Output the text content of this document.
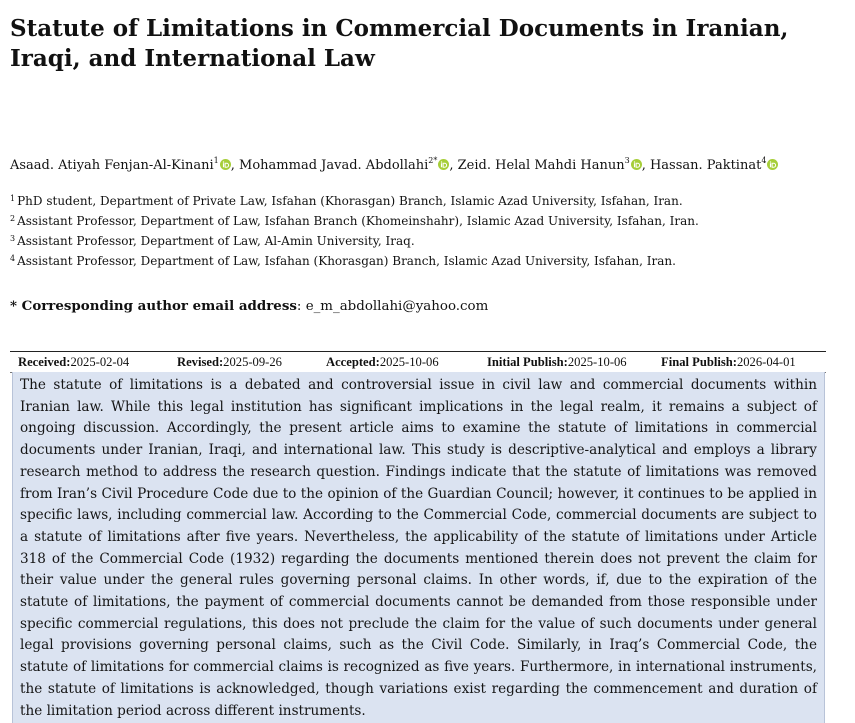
Statute of Limitations in Commercial Documents in Iranian, Iraqi, and International Law
Asaad. Atiyah Fenjan-Al-Kinani$^1$ , Mohammad Javad. Abdollahi$^{2*}$ , Zeid. Helal Mahdi Hanun$^3$ , Hassan. Paktinat$^4$
$^1$ PhD student, Department of Private Law, Isfahan (Khorasgan) Branch, Islamic Azad University, Isfahan, Iran.
$^2$ Assistant Professor, Department of Law, Isfahan Branch (Khomeinshahr), Islamic Azad University, Isfahan, Iran.
$^3$ Assistant Professor, Department of Law, Al-Amin University, Iraq.
$^4$ Assistant Professor, Department of Law, Isfahan (Khorasgan) Branch, Islamic Azad University, Isfahan, Iran.
* Corresponding author email address: e_m_abdollahi@yahoo.com
Received: 2025-02-04	Revised: 2025-09-26	Accepted: 2025-10-06	Initial Publish: 2025-10-06	Final Publish: 2026-04-01
The statute of limitations is a debated and controversial issue in civil law and commercial documents within Iranian law. While this legal institution has significant implications in the legal realm, it remains a subject of ongoing discussion. Accordingly, the present article aims to examine the statute of limitations in commercial documents under Iranian, Iraqi, and international law. This study is descriptive-analytical and employs a library research method to address the research question. Findings indicate that the statute of limitations was removed from Iran’s Civil Procedure Code due to the opinion of the Guardian Council; however, it continues to be applied in specific laws, including commercial law. According to the Commercial Code, commercial documents are subject to a statute of limitations after five years. Nevertheless, the applicability of the statute of limitations under Article 318 of the Commercial Code (1932) regarding the documents mentioned therein does not prevent the claim for their value under the general rules governing personal claims. In other words, if, due to the expiration of the statute of limitations, the payment of commercial documents cannot be demanded from those responsible under specific commercial regulations, this does not preclude the claim for the value of such documents under general legal provisions governing personal claims, such as the Civil Code. Similarly, in Iraq’s Commercial Code, the statute of limitations for commercial claims is recognized as five years. Furthermore, in international instruments, the statute of limitations is acknowledged, though variations exist regarding the commencement and duration of the limitation period across different instruments.
